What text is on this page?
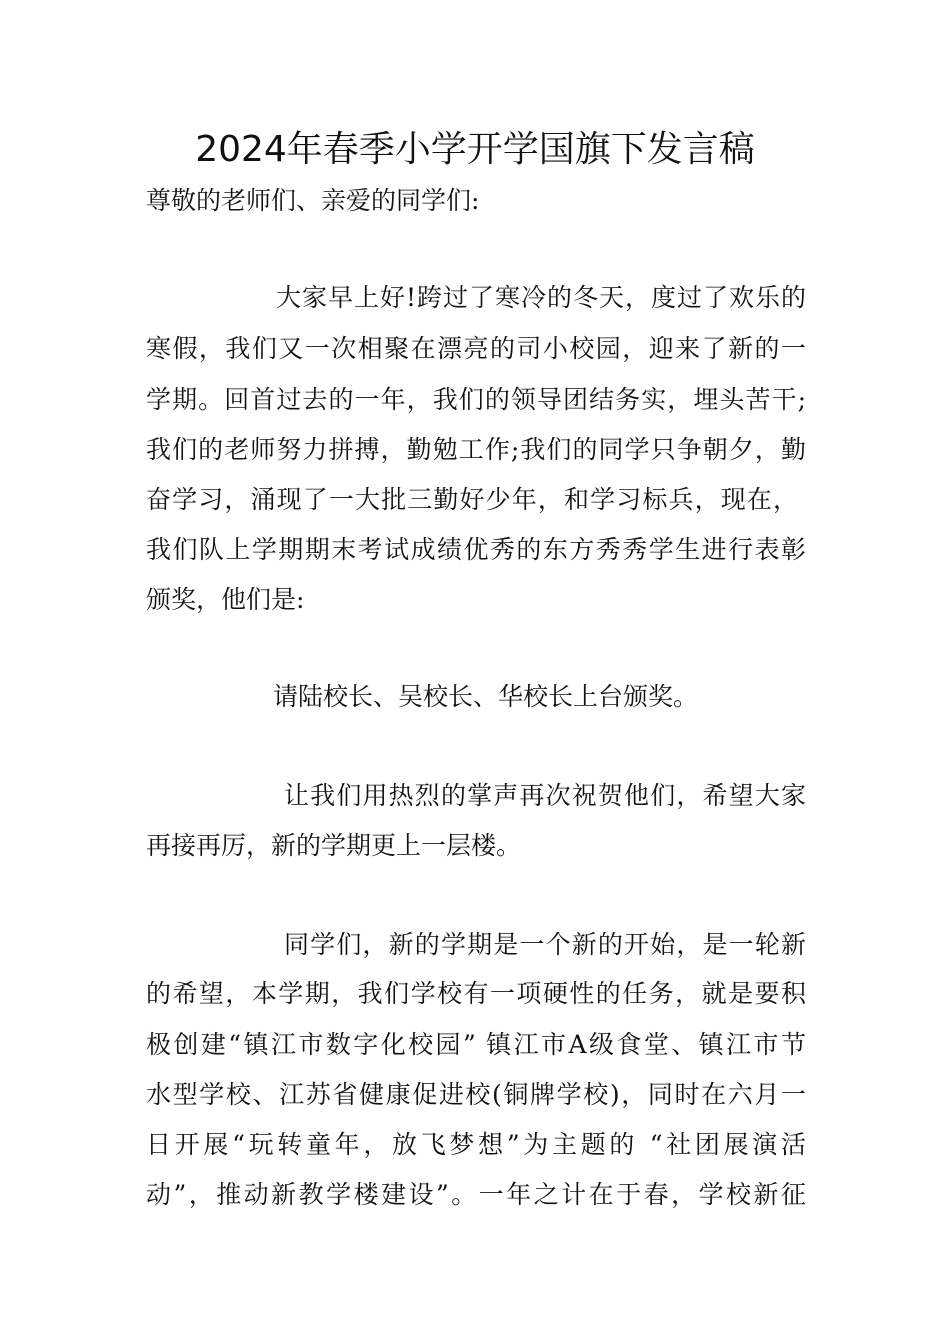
2024年春季小学开学国旗下发言稿
尊敬的老师们、亲爱的同学们:
大家早上好!跨过了寒冷的冬天，度过了欢乐的
寒假，我们又一次相聚在漂亮的司小校园，迎来了新的一
学期。回首过去的一年，我们的领导团结务实，埋头苦干;
我们的老师努力拼搏，勤勉工作;我们的同学只争朝夕，勤
奋学习，涌现了一大批三勤好少年，和学习标兵，现在，
我们队上学期期末考试成绩优秀的东方秀秀学生进行表彰
颁奖，他们是:
请陆校长、吴校长、华校长上台颁奖。
让我们用热烈的掌声再次祝贺他们，希望大家
再接再厉，新的学期更上一层楼。
同学们，新的学期是一个新的开始，是一轮新
的希望，本学期，我们学校有一项硬性的任务，就是要积
极创建“镇江市数字化校园” 镇江市A级食堂、镇江市节
水型学校、江苏省健康促进校(铜牌学校)，同时在六月一
日开展“玩转童年，放飞梦想”为主题的 “社团展演活
动”，推动新教学楼建设”。一年之计在于春，学校新征
